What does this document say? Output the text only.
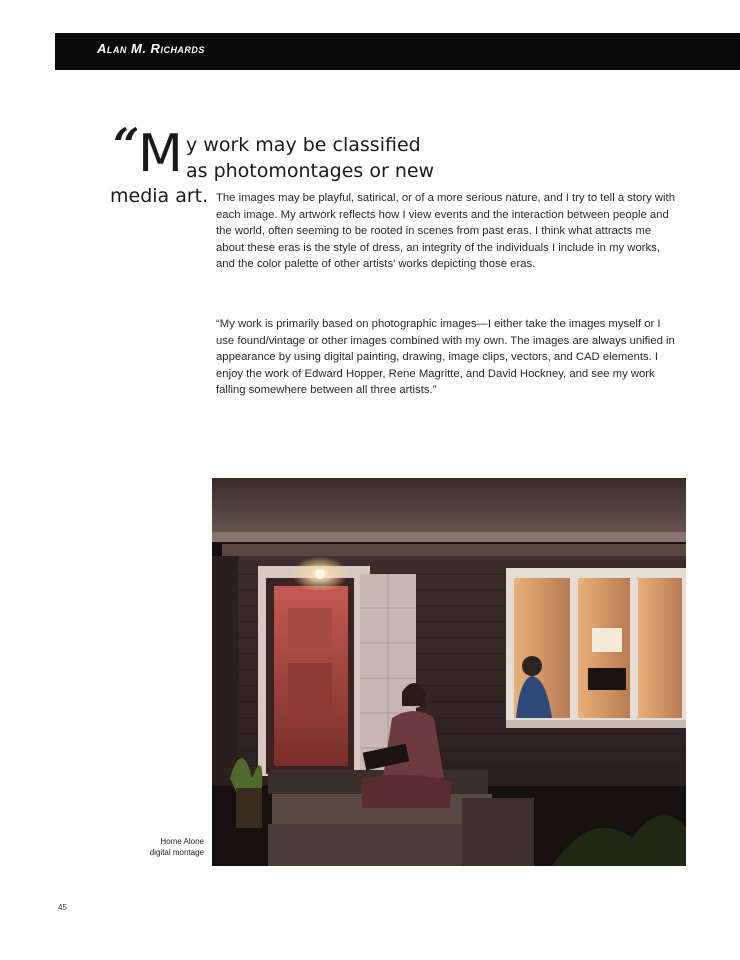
Alan M. Richards
“
M y work may be classified
as photomontages or new
media art. The images may be playful, satirical, or of a more serious nature, and I try to tell a story with each image. My artwork reflects how I view events and the interaction between people and the world, often seeming to be rooted in scenes from past eras. I think what attracts me about these eras is the style of dress, an integrity of the individuals I include in my works, and the color palette of other artists' works depicting those eras.

“My work is primarily based on photographic images—I either take the images myself or I use found/vintage or other images combined with my own. The images are always unified in appearance by using digital painting, drawing, image clips, vectors, and CAD elements. I enjoy the work of Edward Hopper, Rene Magritte, and David Hockney, and see my work falling somewhere between all three artists.”

Home Alone
digital montage
45
